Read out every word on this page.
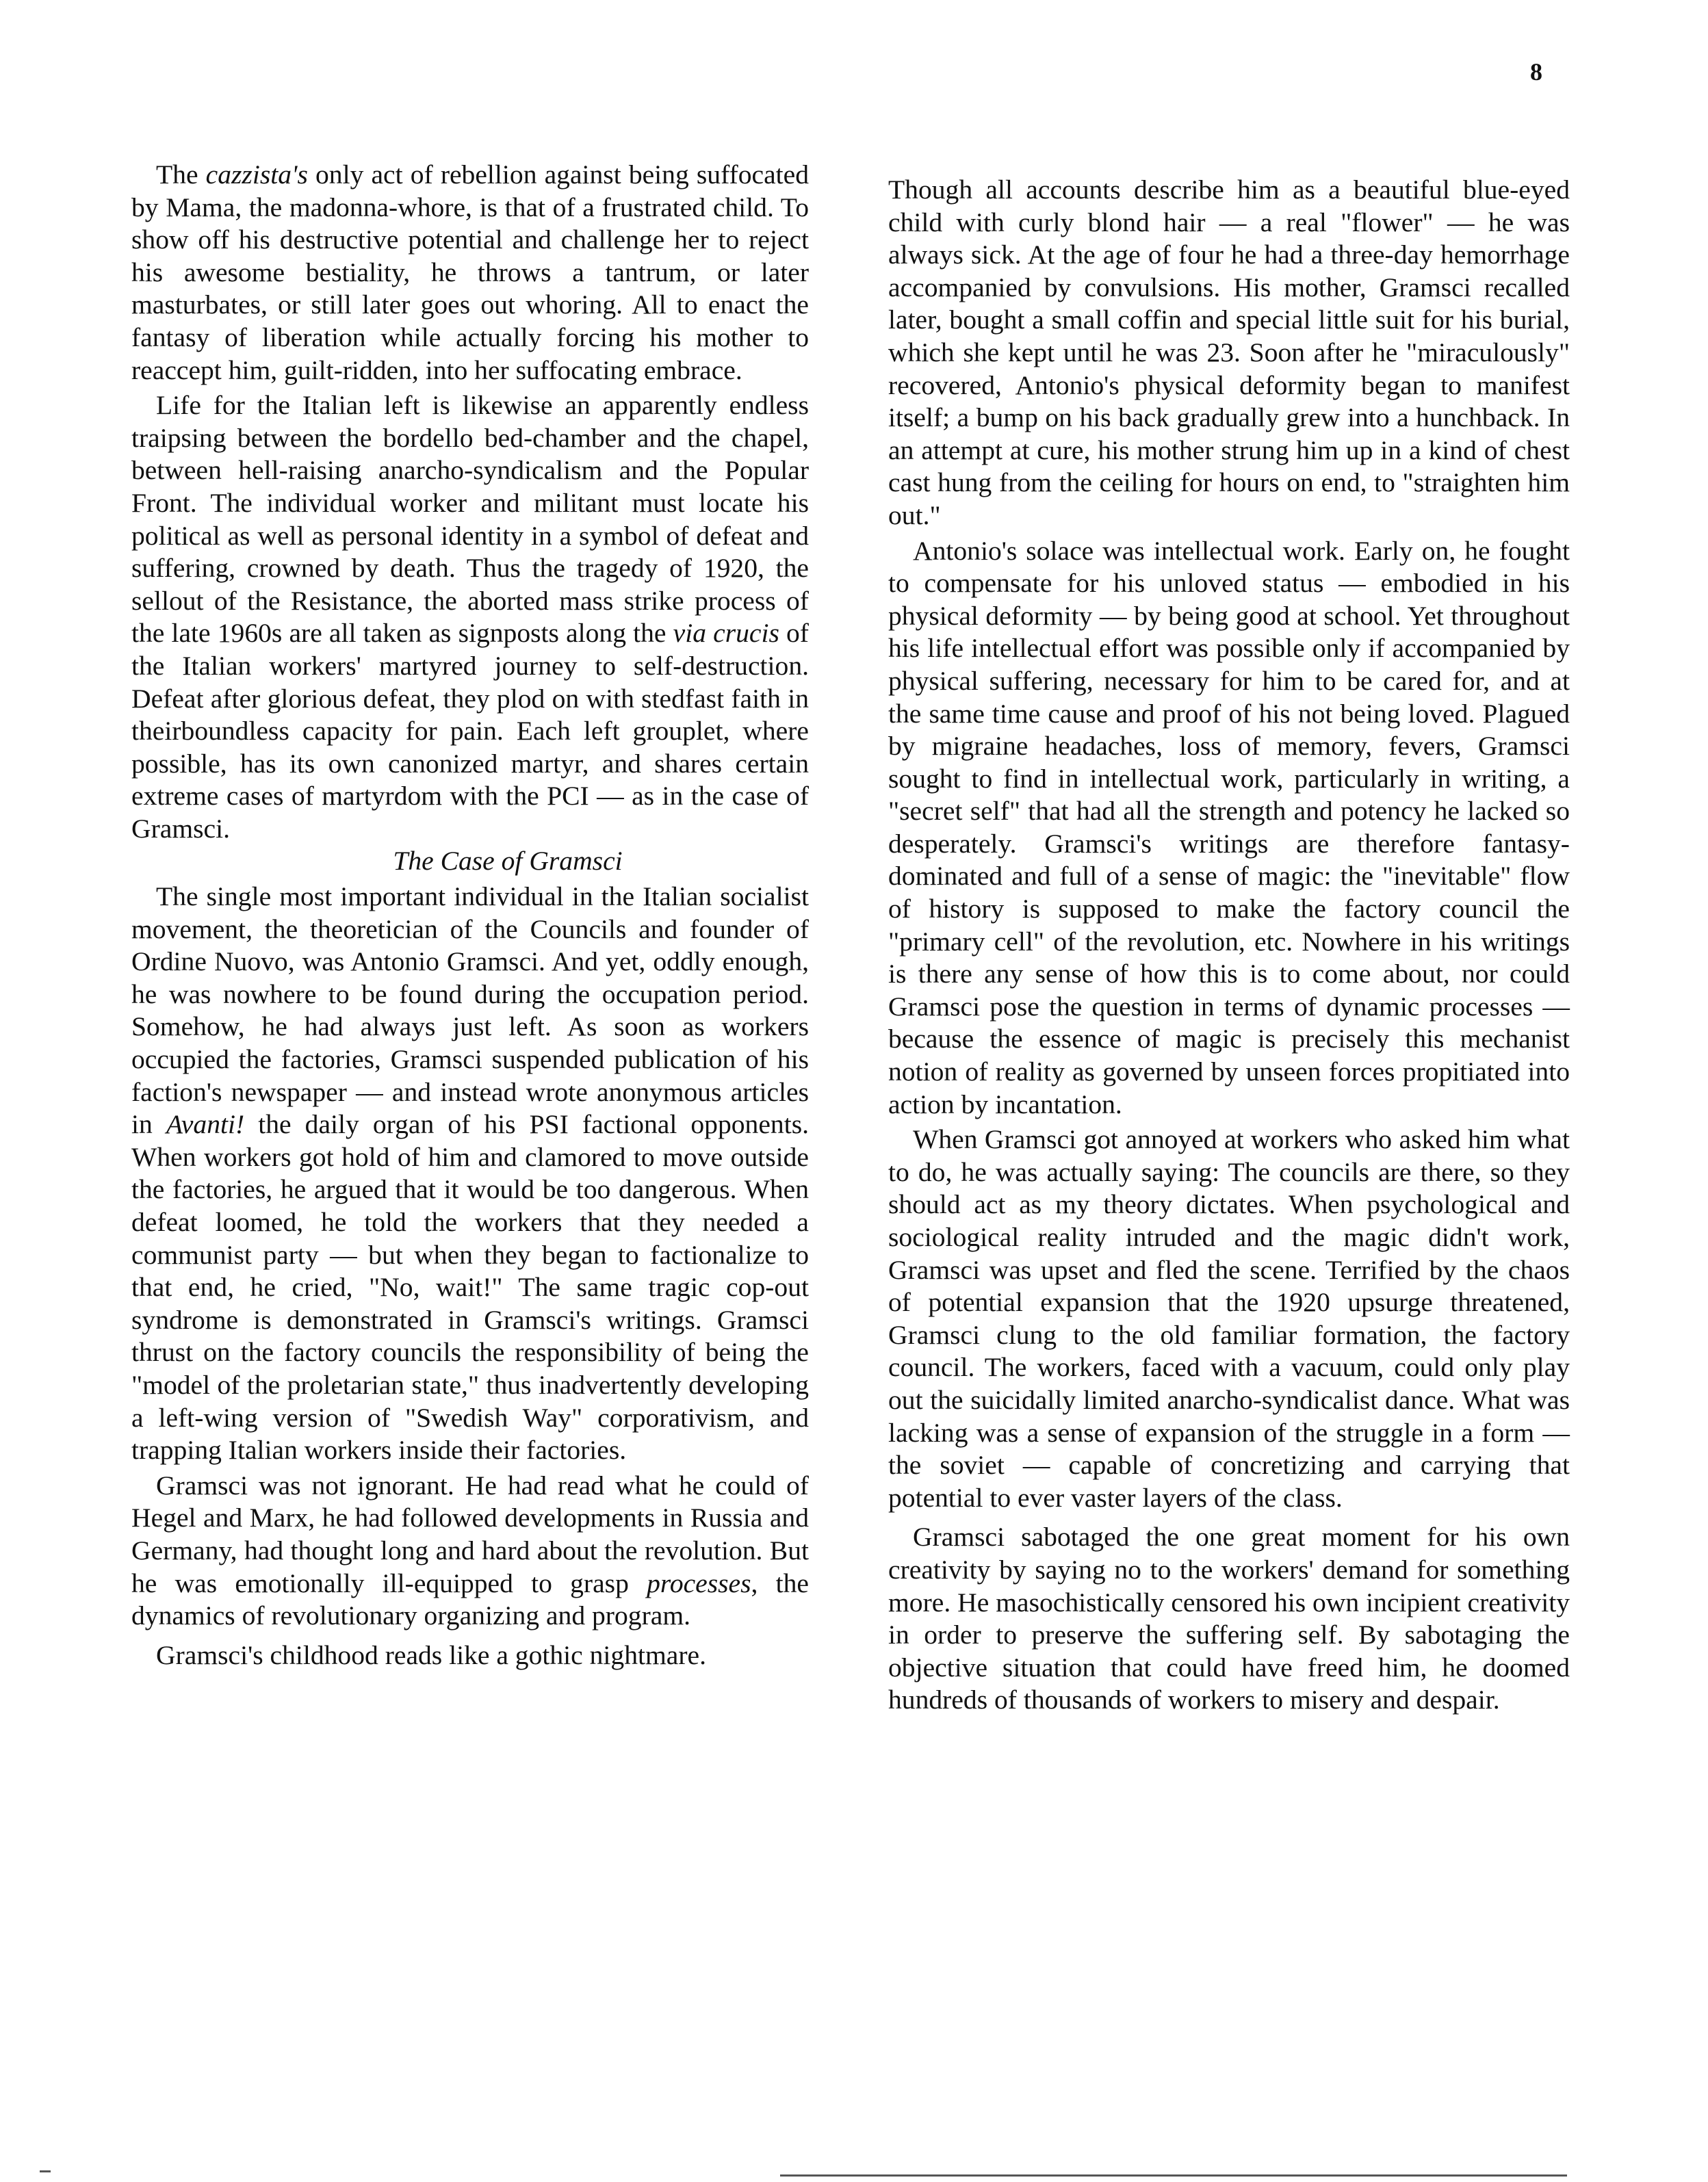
8

The cazzista's only act of rebellion against being suffocated by Mama, the madonna-whore, is that of a frustrated child. To show off his destructive potential and challenge her to reject his awesome bestiality, he throws a tantrum, or later masturbates, or still later goes out whoring. All to enact the fantasy of liberation while actually forcing his mother to reaccept him, guilt-ridden, into her suffocating embrace.

Life for the Italian left is likewise an apparently endless traipsing between the bordello bed-chamber and the chapel, between hell-raising anarcho-syndicalism and the Popular Front. The individual worker and militant must locate his political as well as personal identity in a symbol of defeat and suffering, crowned by death. Thus the tragedy of 1920, the sellout of the Resistance, the aborted mass strike process of the late 1960s are all taken as signposts along the via crucis of the Italian workers' martyred journey to self-destruction. Defeat after glorious defeat, they plod on with stedfast faith in theirboundless capacity for pain. Each left grouplet, where possible, has its own canonized martyr, and shares certain extreme cases of martyrdom with the PCI — as in the case of Gramsci.

The Case of Gramsci

The single most important individual in the Italian socialist movement, the theoretician of the Councils and founder of Ordine Nuovo, was Antonio Gramsci. And yet, oddly enough, he was nowhere to be found during the occupation period. Somehow, he had always just left. As soon as workers occupied the factories, Gramsci suspended publication of his faction's newspaper — and instead wrote anonymous articles in Avanti! the daily organ of his PSI factional opponents. When workers got hold of him and clamored to move outside the factories, he argued that it would be too dangerous. When defeat loomed, he told the workers that they needed a communist party — but when they began to factionalize to that end, he cried, "No, wait!" The same tragic cop-out syndrome is demonstrated in Gramsci's writings. Gramsci thrust on the factory councils the responsibility of being the "model of the proletarian state," thus inadvertently developing a left-wing version of "Swedish Way" corporativism, and trapping Italian workers inside their factories.

Gramsci was not ignorant. He had read what he could of Hegel and Marx, he had followed developments in Russia and Germany, had thought long and hard about the revolution. But he was emotionally ill-equipped to grasp processes, the dynamics of revolutionary organizing and program.

Gramsci's childhood reads like a gothic nightmare.

Though all accounts describe him as a beautiful blue-eyed child with curly blond hair — a real "flower" — he was always sick. At the age of four he had a three-day hemorrhage accompanied by convulsions. His mother, Gramsci recalled later, bought a small coffin and special little suit for his burial, which she kept until he was 23. Soon after he "miraculously" recovered, Antonio's physical deformity began to manifest itself; a bump on his back gradually grew into a hunchback. In an attempt at cure, his mother strung him up in a kind of chest cast hung from the ceiling for hours on end, to "straighten him out."

Antonio's solace was intellectual work. Early on, he fought to compensate for his unloved status — embodied in his physical deformity — by being good at school. Yet throughout his life intellectual effort was possible only if accompanied by physical suffering, necessary for him to be cared for, and at the same time cause and proof of his not being loved. Plagued by migraine headaches, loss of memory, fevers, Gramsci sought to find in intellectual work, particularly in writing, a "secret self" that had all the strength and potency he lacked so desperately. Gramsci's writings are therefore fantasy-dominated and full of a sense of magic: the "inevitable" flow of history is supposed to make the factory council the "primary cell" of the revolution, etc. Nowhere in his writings is there any sense of how this is to come about, nor could Gramsci pose the question in terms of dynamic processes — because the essence of magic is precisely this mechanist notion of reality as governed by unseen forces propitiated into action by incantation.

When Gramsci got annoyed at workers who asked him what to do, he was actually saying: The councils are there, so they should act as my theory dictates. When psychological and sociological reality intruded and the magic didn't work, Gramsci was upset and fled the scene. Terrified by the chaos of potential expansion that the 1920 upsurge threatened, Gramsci clung to the old familiar formation, the factory council. The workers, faced with a vacuum, could only play out the suicidally limited anarcho-syndicalist dance. What was lacking was a sense of expansion of the struggle in a form — the soviet — capable of concretizing and carrying that potential to ever vaster layers of the class.

Gramsci sabotaged the one great moment for his own creativity by saying no to the workers' demand for something more. He masochistically censored his own incipient creativity in order to preserve the suffering self. By sabotaging the objective situation that could have freed him, he doomed hundreds of thousands of workers to misery and despair.
